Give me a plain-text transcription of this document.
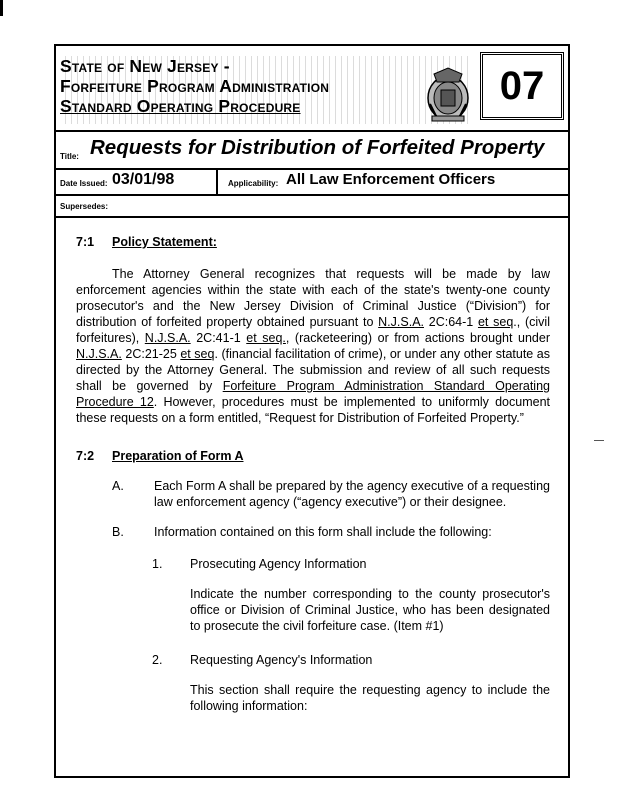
State of New Jersey -
Forfeiture Program Administration
Standard Operating Procedure	07
Title: Requests for Distribution of Forfeited Property
Date Issued: 03/01/98	Applicability: All Law Enforcement Officers
Supersedes:
7:1 Policy Statement:

The Attorney General recognizes that requests will be made by law enforcement agencies within the state with each of the state's twenty-one county prosecutor's and the New Jersey Division of Criminal Justice (“Division”) for distribution of forfeited property obtained pursuant to N.J.S.A. 2C:64-1 et seq., (civil forfeitures), N.J.S.A. 2C:41-1 et seq., (racketeering) or from actions brought under N.J.S.A. 2C:21-25 et seq. (financial facilitation of crime), or under any other statute as directed by the Attorney General. The submission and review of all such requests shall be governed by Forfeiture Program Administration Standard Operating Procedure 12. However, procedures must be implemented to uniformly document these requests on a form entitled, “Request for Distribution of Forfeited Property.”

7:2 Preparation of Form A
A. Each Form A shall be prepared by the agency executive of a requesting law enforcement agency (“agency executive”) or their designee.

B. Information contained on this form shall include the following:

1. Prosecuting Agency Information

Indicate the number corresponding to the county prosecutor's office or Division of Criminal Justice, who has been designated to prosecute the civil forfeiture case. (Item #1)

2. Requesting Agency's Information

This section shall require the requesting agency to include the following information:
